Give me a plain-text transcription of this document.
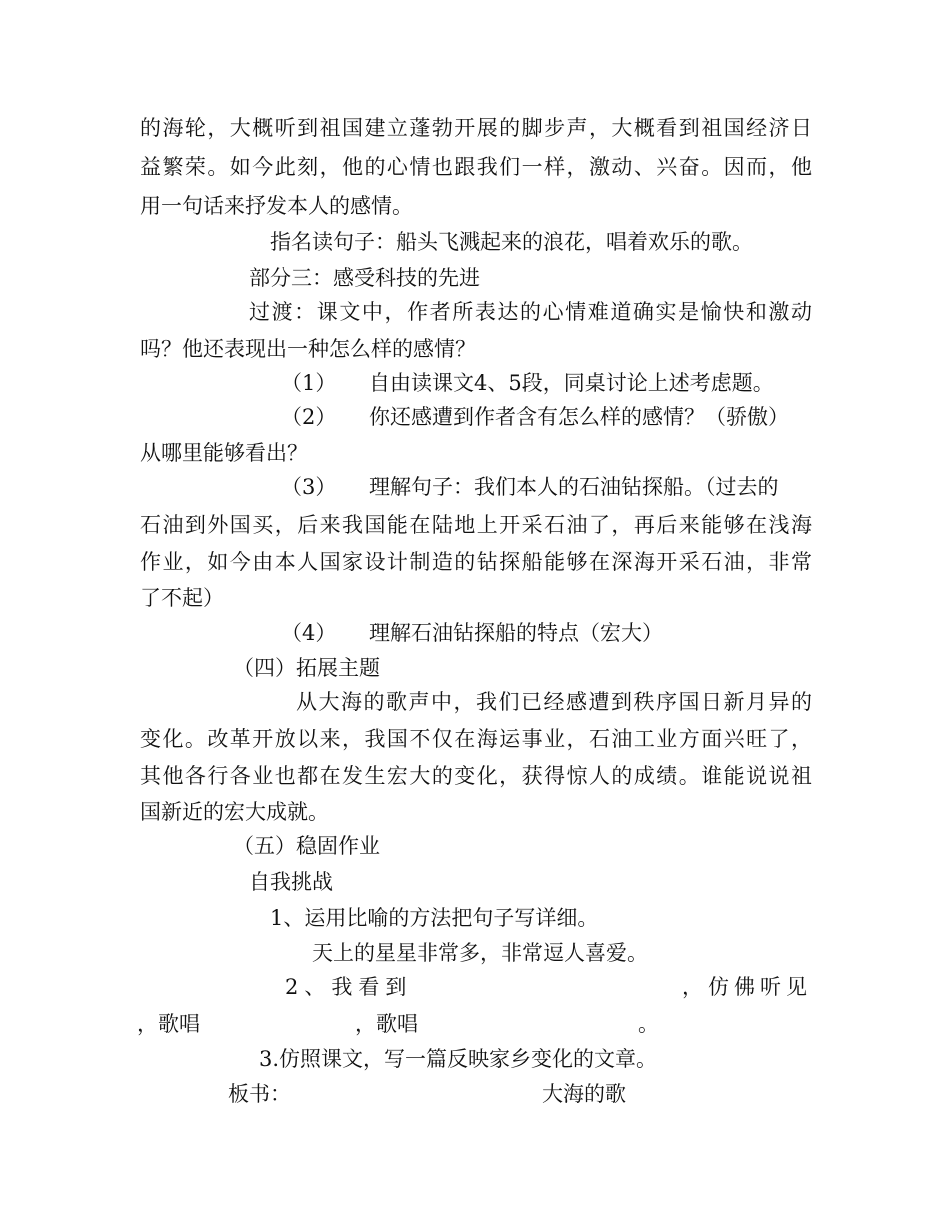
的海轮，大概听到祖国建立蓬勃开展的脚步声，大概看到祖国经济日
益繁荣。如今此刻，他的心情也跟我们一样，激动、兴奋。因而，他
用一句话来抒发本人的感情。
指名读句子：船头飞溅起来的浪花，唱着欢乐的歌。
部分三：感受科技的先进
过渡：课文中，作者所表达的心情难道确实是愉快和激动
吗？他还表现出一种怎么样的感情？
（1） 自由读课文4、5段，同桌讨论上述考虑题。
（2） 你还感遭到作者含有怎么样的感情？（骄傲）
从哪里能够看出？
（3） 理解句子：我们本人的石油钻探船。（过去的
石油到外国买，后来我国能在陆地上开采石油了，再后来能够在浅海
作业，如今由本人国家设计制造的钻探船能够在深海开采石油，非常
了不起）
（4） 理解石油钻探船的特点（宏大）
（四）拓展主题
从大海的歌声中，我们已经感遭到秩序国日新月异的
变化。改革开放以来，我国不仅在海运事业，石油工业方面兴旺了，
其他各行各业也都在发生宏大的变化，获得惊人的成绩。谁能说说祖
国新近的宏大成就。
（五）稳固作业
自我挑战
1、运用比喻的方法把句子写详细。
天上的星星非常多，非常逗人喜爱。
2、我看到	，仿佛听见
，歌唱	，歌唱	。
3.仿照课文，写一篇反映家乡变化的文章。
板书：	大海的歌
